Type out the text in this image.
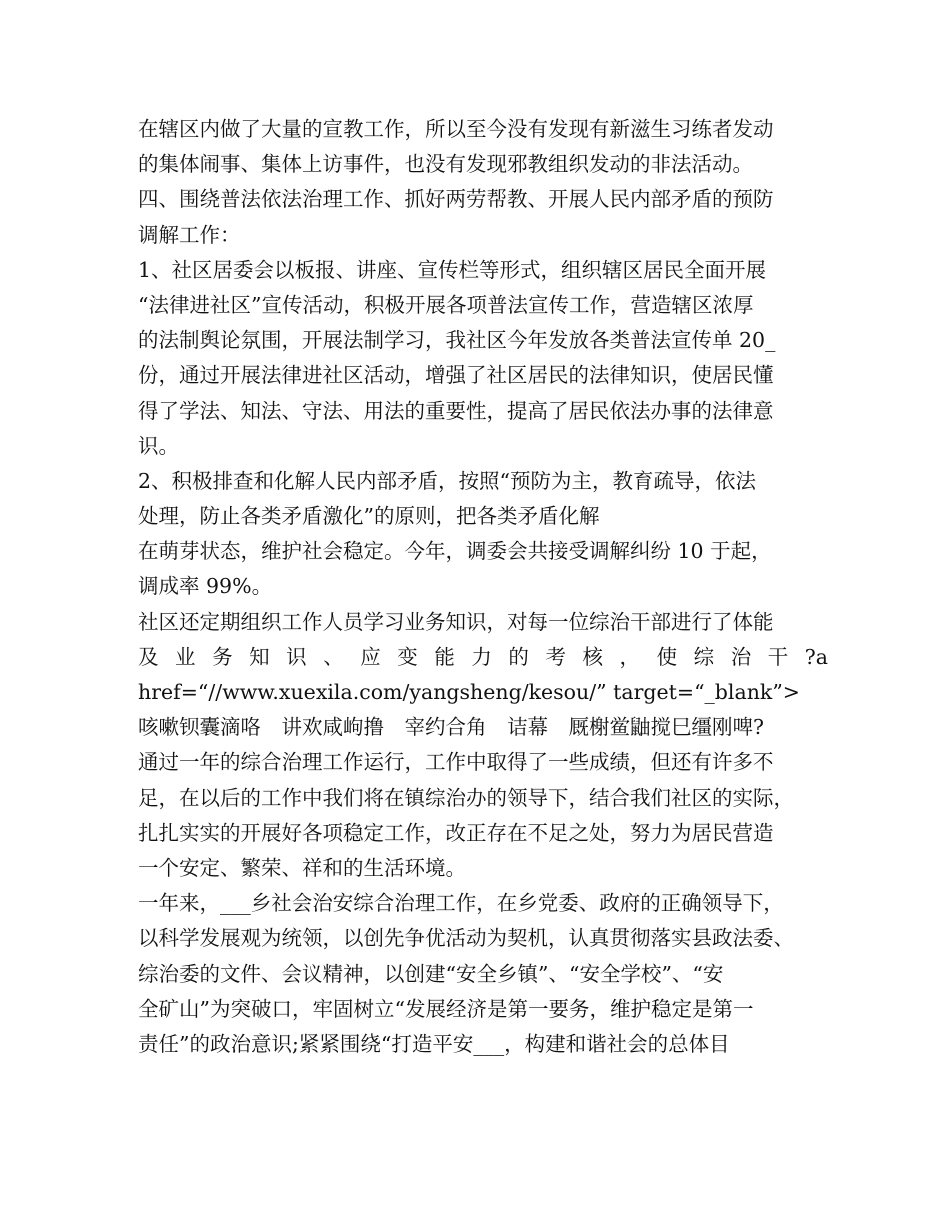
在辖区内做了大量的宣教工作，所以至今没有发现有新滋生习练者发动
的集体闹事、集体上访事件，也没有发现邪教组织发动的非法活动。
四、围绕普法依法治理工作、抓好两劳帮教、开展人民内部矛盾的预防
调解工作：
1、社区居委会以板报、讲座、宣传栏等形式，组织辖区居民全面开展
“法律进社区”宣传活动，积极开展各项普法宣传工作，营造辖区浓厚
的法制舆论氛围，开展法制学习，我社区今年发放各类普法宣传单 20_
份，通过开展法律进社区活动，增强了社区居民的法律知识，使居民懂
得了学法、知法、守法、用法的重要性，提高了居民依法办事的法律意
识。
2、积极排查和化解人民内部矛盾，按照“预防为主，教育疏导，依法
处理，防止各类矛盾激化”的原则，把各类矛盾化解
在萌芽状态，维护社会稳定。今年，调委会共接受调解纠纷 10 于起，
调成率 99%。
社区还定期组织工作人员学习业务知识，对每一位综治干部进行了体能
及 业 务 知 识 、 应 变 能 力 的 考 核 ， 使 综 治 干 ?a
href=“//www.xuexila.com/yangsheng/kesou/” target=“_blank”>
咳嗽钡囊滴咯　讲欢咸岣撸　宰约合角　诘幕　厩榭鲎鼬搅巳缰刚啤?
通过一年的综合治理工作运行，工作中取得了一些成绩，但还有许多不
足，在以后的工作中我们将在镇综治办的领导下，结合我们社区的实际，
扎扎实实的开展好各项稳定工作，改正存在不足之处，努力为居民营造
一个安定、繁荣、祥和的生活环境。
一年来，___乡社会治安综合治理工作，在乡党委、政府的正确领导下，
以科学发展观为统领，以创先争优活动为契机，认真贯彻落实县政法委、
综治委的文件、会议精神，以创建“安全乡镇”、“安全学校”、“安
全矿山”为突破口，牢固树立“发展经济是第一要务，维护稳定是第一
责任”的政治意识;紧紧围绕“打造平安___，构建和谐社会的总体目
